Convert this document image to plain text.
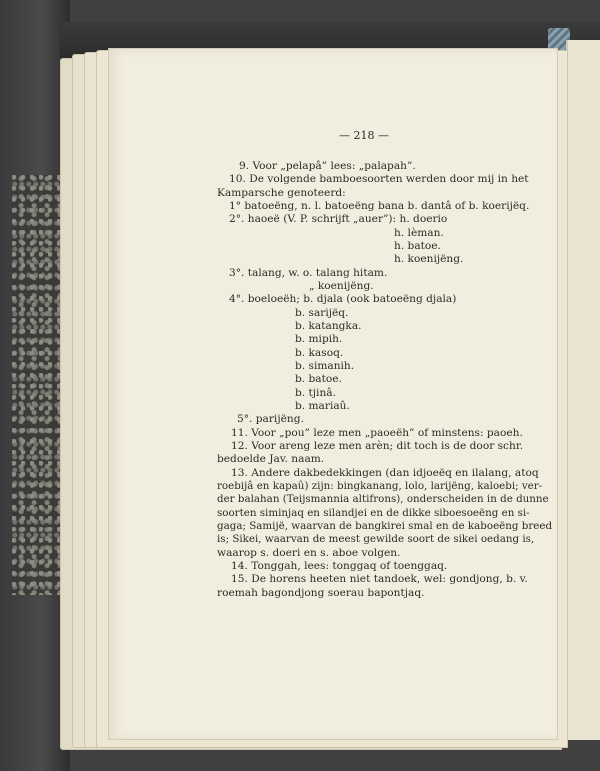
— 218 —
9. Voor „pelapâ” lees: „palapah”.
10. De volgende bamboesoorten werden door mij in het
Kamparsche genoteerd:
1° batoeëng, n. l. batoeëng bana b. dantâ of b. koerijëq.
2°. haoeë (V. P. schrijft „auer”): h. doerio
h. lèman.
h. batoe.
h. koenijëng.
3°. talang, w. o. talang hitam.
„ koenijëng.
4°. boeloeëh; b. djala (ook batoeëng djala)
b. sarijëq.
b. katangka.
b. mipih.
b. kasoq.
b. simanih.
b. batoe.
b. tjinâ.
b. mariaû.
5°. parijëng.
11. Voor „pou” leze men „paoeëh” of minstens: paoeh.
12. Voor areng leze men arèn; dit toch is de door schr.
bedoelde Jav. naam.
13. Andere dakbedekkingen (dan idjoeëq en ilalang, atoq
roebijâ en kapaû) zijn: bingkanang, lolo, larijëng, kaloebi; ver-
der balahan (Teijsmannia altifrons), onderscheiden in de dunne
soorten siminjaq en silandjei en de dikke siboesoeëng en si-
gaga; Samijë, waarvan de bangkirei smal en de kaboeëng breed
is; Sikei, waarvan de meest gewilde soort de sikei oedang is,
waarop s. doeri en s. aboe volgen.
14. Tonggah, lees: tonggaq of toenggaq.
15. De horens heeten niet tandoek, wel: gondjong, b. v.
roemah bagondjong soerau bapontjaq.
